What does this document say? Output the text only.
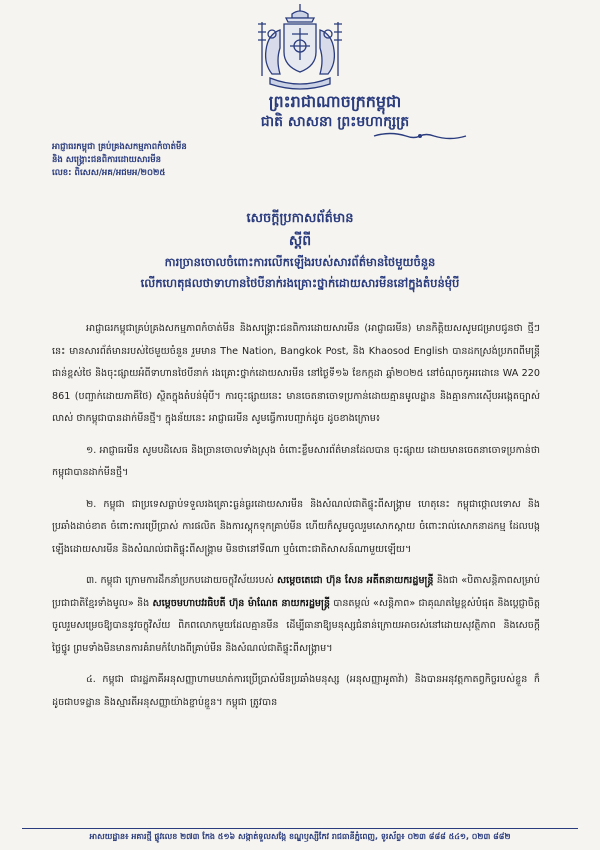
ព្រះរាជាណាចក្រកម្ពុជា
ជាតិ សាសនា ព្រះមហាក្សត្រ
អាជ្ញាធរកម្ពុជា គ្រប់គ្រងសកម្មភាពកំចាត់មីន
និង សង្គ្រោះជនពិការដោយសារមីន
លេខ: ពិសេស/អគ/អជមអ/២០២៥
សេចក្តីប្រកាសព័ត៌មាន
ស្តីពី
ការច្រានចោលចំពោះការលើកឡើងរបស់សារព័ត៌មានថៃមួយចំនួន
លើកហេតុផលថាទាហានថៃបីនាក់រងគ្រោះថ្នាក់ដោយសារមីននៅក្នុងតំបន់មុំបី

អាជ្ញាធរកម្ពុជាគ្រប់គ្រងសកម្មភាពកំចាត់មីន និងសង្គ្រោះជនពិការដោយសារមីន (អាជ្ញាធរមីន) មានកិត្តិយសសូមជម្រាបជូនថា ថ្មីៗនេះ មានសារព័ត៌មានរបស់ថៃមួយចំនួន រួមមាន The Nation, Bangkok Post, និង Khaosod English បានដកស្រង់ប្រភពពីមន្ត្រីជាន់ខ្ពស់ថៃ និងចុះផ្សាយអំពីទាហានថៃបីនាក់ រងគ្រោះថ្នាក់ដោយសារមីន នៅថ្ងៃទី១៦ ខែកក្កដា ឆ្នាំ២០២៥ នៅចំណុចកូអរដោនេ WA 220 861 (បញ្ជាក់ដោយភាគីថៃ) ស្ថិតក្នុងតំបន់មុំបី។ ការចុះផ្សាយនេះ មានចេតនាចោទប្រកាន់ដោយគ្មានមូលដ្ឋាន និងគ្មានការស៊ើបអង្កេតច្បាស់លាស់ ថាកម្ពុជាបានដាក់មីនថ្មី។ ក្នុងន័យនេះ អាជ្ញាធរមីន សូមធ្វើការបញ្ជាក់ដូច ដូចខាងក្រោម៖

១. អាជ្ញាធរមីន សូមបដិសេធ និងច្រានចោលទាំងស្រុង ចំពោះខ្លឹមសារព័ត៌មានដែលបាន ចុះផ្សាយ ដោយមានចេតនាចោទប្រកាន់ថា កម្ពុជាបានដាក់មីនថ្មី។

២. កម្ពុជា ជាប្រទេសធ្លាប់ទទួលរងគ្រោះធ្ងន់ធ្ងរដោយសារមីន និងសំណល់ជាតិផ្ទុះពីសង្គ្រាម ហេតុនេះ កម្ពុជាថ្កោលទោស និងប្រឆាំងដាច់ខាត ចំពោះការប្រើប្រាស់ ការផលិត និងការស្តុកទុកគ្រាប់មីន ហើយក៏សូមចូលរួមសោកស្តាយ ចំពោះរាល់សោកនាដកម្ម ដែលបង្កឡើងដោយសារមីន និងសំណល់ជាតិផ្ទុះពីសង្គ្រាម មិនថានៅទីណា ឬចំពោះជាតិសាសន៍ណាមួយឡើយ។

៣. កម្ពុជា ក្រោមការដឹកនាំប្រកបដោយចក្ខុវិស័យរបស់ សម្តេចតេជោ ហ៊ុន សែន អតីតនាយករដ្ឋមន្ត្រី និងជា «បិតាសន្តិភាពសម្រាប់ប្រជាជាតិខ្មែរទាំងមូល» និង សម្តេចមហាបវរធិបតី ហ៊ុន ម៉ាណែត នាយករដ្ឋមន្ត្រី បានតម្កល់ «សន្តិភាព» ជាគុណតម្លៃខ្ពស់បំផុត និងប្តេជ្ញាចិត្តចូលរួមសម្រេចឱ្យបាននូវចក្ខុវិស័យ ពិភពលោកមួយដែលគ្មានមីន ដើម្បីធានាឱ្យមនុស្សជំនាន់ក្រោយអាចរស់នៅដោយសុវត្ថិភាព និងសេចក្តីថ្លៃថ្នូរ ព្រមទាំងមិនមានការគំរាមកំហែងពីគ្រាប់មីន និងសំណល់ជាតិផ្ទុះពីសង្គ្រាម។

៤. កម្ពុជា ជារដ្ឋភាគីអនុសញ្ញាហាមឃាត់ការប្រើប្រាស់មីនប្រឆាំងមនុស្ស (អនុសញ្ញាអូតាវ៉ា) និងបានអនុវត្តកាតព្វកិច្ចរបស់ខ្លួន ក៏ដូចជាបទដ្ឋាន និងស្មារតីអនុសញ្ញាយ៉ាងខ្ជាប់ខ្ជួន។ កម្ពុជា ត្រូវបាន

អាសយដ្ឋាន៖ អគារថ្មី ផ្លូវលេខ ២៧៣ កែង ៥១៦ សង្កាត់ទួលសង្កែ ខណ្ឌឫស្សីកែវ រាជធានីភ្នំពេញ, ទូរស័ព្ទ៖ ០២៣ ៨៨៨ ៥៤១, ០២៣ ៨៨២
